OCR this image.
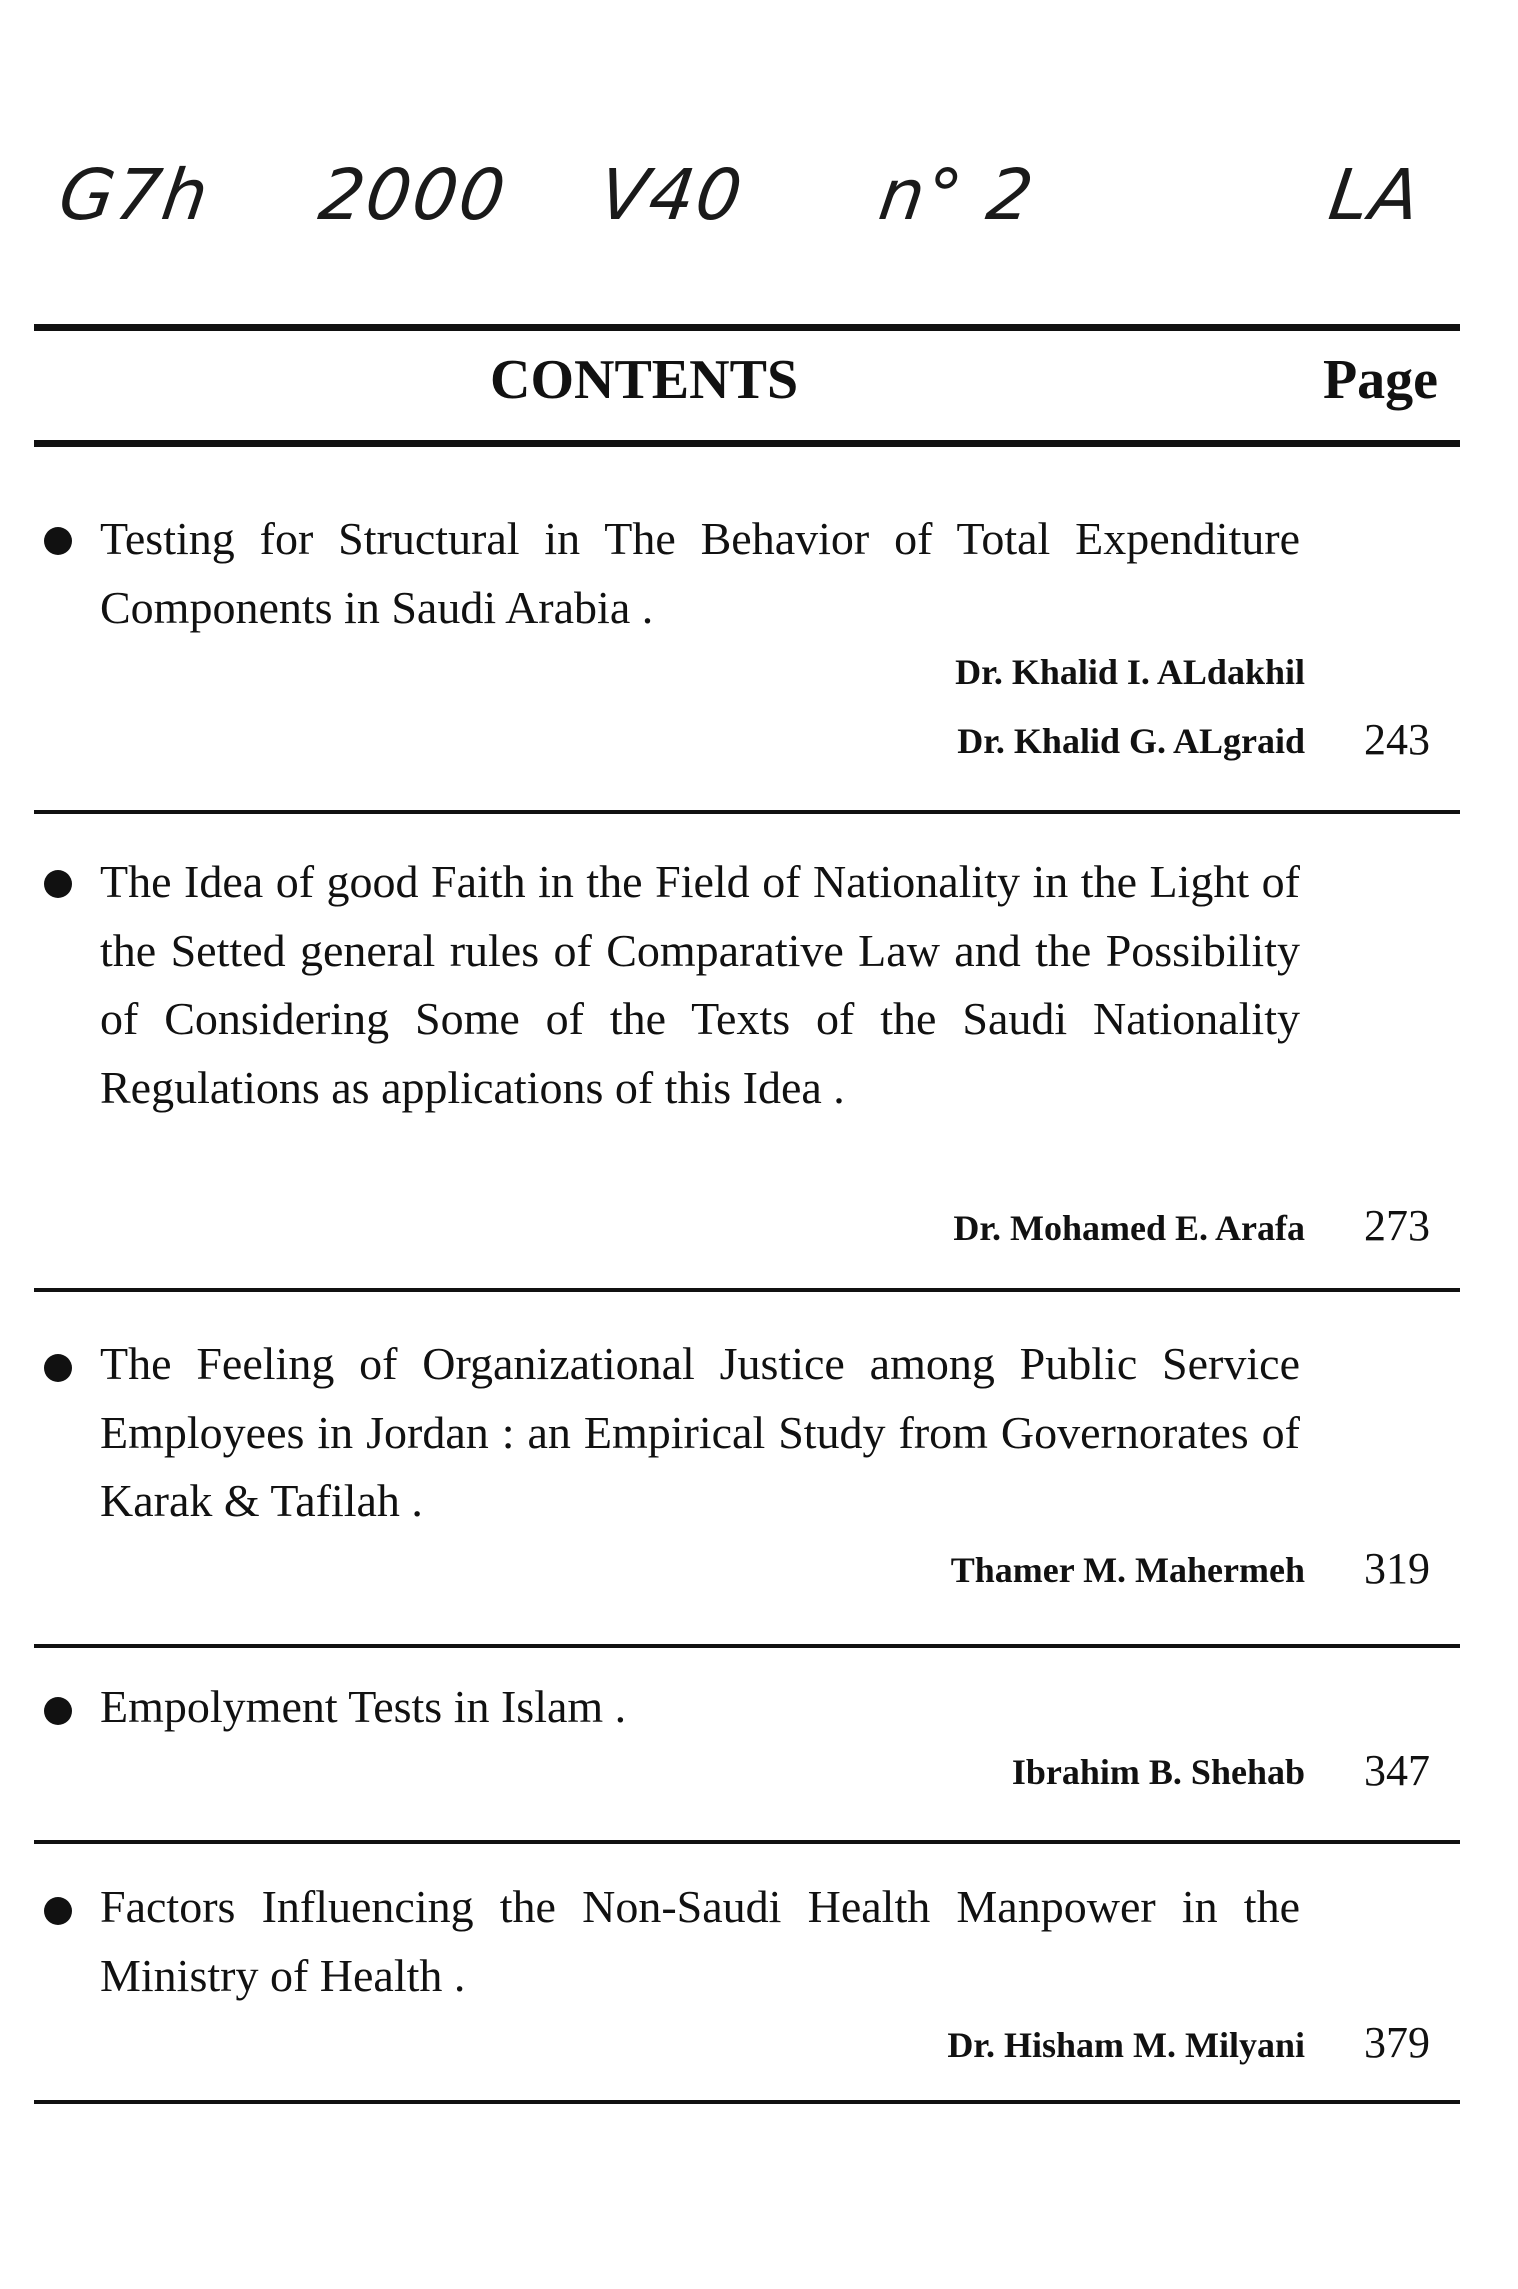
G7h 2000 V40 n° 2	LA
CONTENTS	Page
Testing for Structural in The Behavior of Total Expenditure Components in Saudi Arabia .
Dr. Khalid I. ALdakhil
Dr. Khalid G. ALgraid 243
The Idea of good Faith in the Field of Nationality in the Light of the Setted general rules of Comparative Law and the Possibility of Considering Some of the Texts of the Saudi Nationality Regulations as applications of this Idea .
Dr. Mohamed E. Arafa 273
The Feeling of Organizational Justice among Public Service Employees in Jordan : an Empirical Study from Governorates of Karak & Tafilah .
Thamer M. Mahermeh 319
Empolyment Tests in Islam .
Ibrahim B. Shehab 347
Factors Influencing the Non-Saudi Health Manpower in the Ministry of Health .
Dr. Hisham M. Milyani 379
